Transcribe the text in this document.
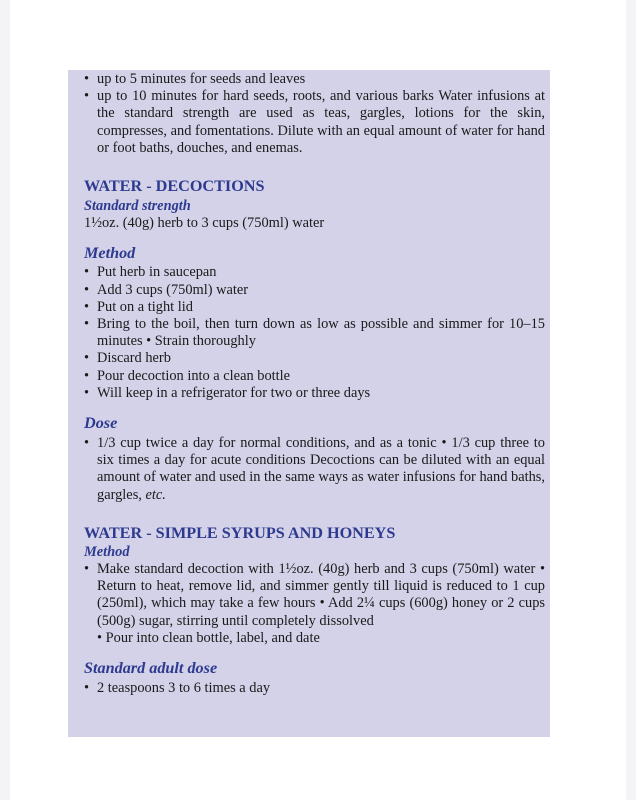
• up to 5 minutes for seeds and leaves
• up to 10 minutes for hard seeds, roots, and various barks Water infusions at the standard strength are used as teas, gargles, lotions for the skin, compresses, and fomentations. Dilute with an equal amount of water for hand or foot baths, douches, and enemas.
WATER - DECOCTIONS
Standard strength

1½oz. (40g) herb to 3 cups (750ml) water

Method
• Put herb in saucepan
• Add 3 cups (750ml) water
• Put on a tight lid
• Bring to the boil, then turn down as low as possible and simmer for 10–15 minutes • Strain thoroughly
• Discard herb
• Pour decoction into a clean bottle
• Will keep in a refrigerator for two or three days
Dose
• 1/3 cup twice a day for normal conditions, and as a tonic • 1/3 cup three to six times a day for acute conditions Decoctions can be diluted with an equal amount of water and used in the same ways as water infusions for hand baths, gargles, etc.
WATER - SIMPLE SYRUPS AND HONEYS
Method
• Make standard decoction with 1½oz. (40g) herb and 3 cups (750ml) water • Return to heat, remove lid, and simmer gently till liquid is reduced to 1 cup (250ml), which may take a few hours • Add 2¼ cups (600g) honey or 2 cups (500g) sugar, stirring until completely dissolved
• Pour into clean bottle, label, and date
Standard adult dose
• 2 teaspoons 3 to 6 times a day
